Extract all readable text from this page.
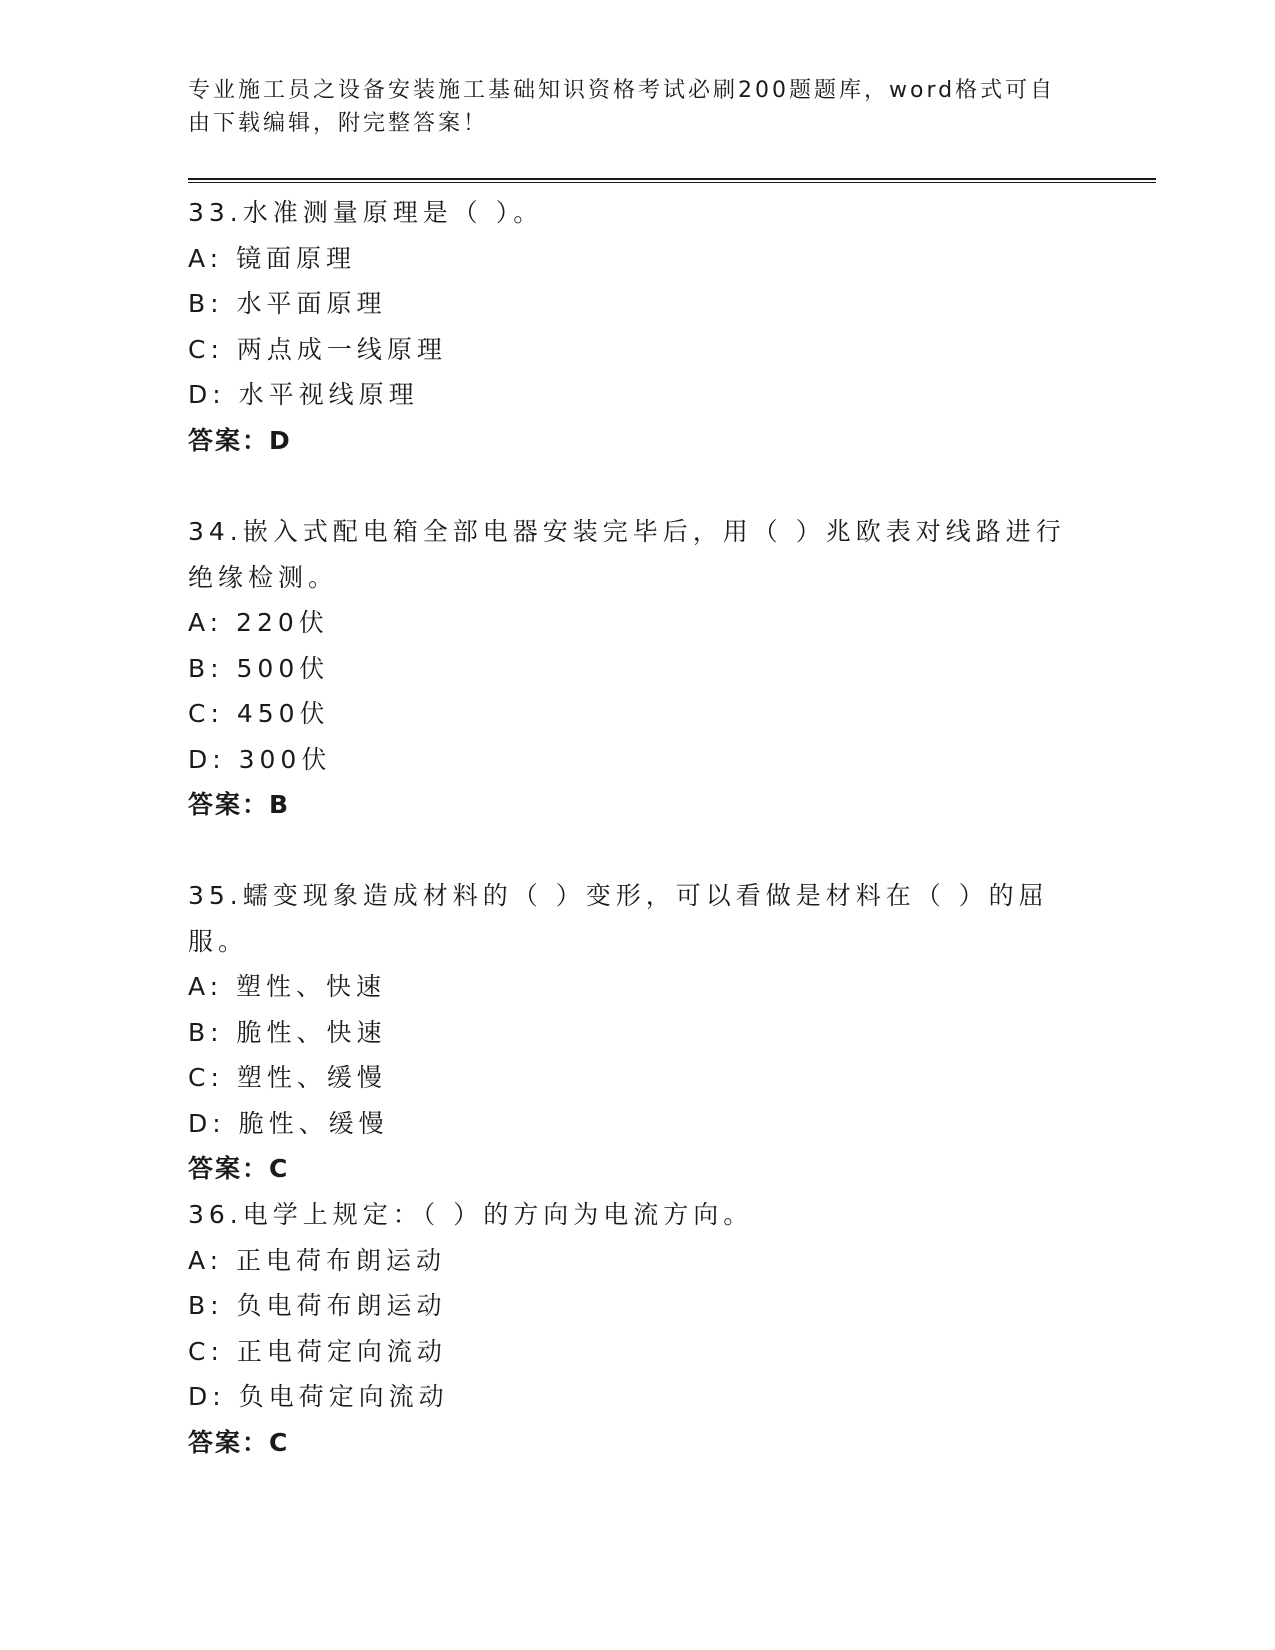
专业施工员之设备安装施工基础知识资格考试必刷200题题库，word格式可自由下载编辑，附完整答案！
33.水准测量原理是（ ）。
A: 镜面原理
B: 水平面原理
C: 两点成一线原理
D: 水平视线原理
答案：D
34.嵌入式配电箱全部电器安装完毕后，用（ ）兆欧表对线路进行绝缘检测。
A: 220伏
B: 500伏
C: 450伏
D: 300伏
答案：B
35.蠕变现象造成材料的（ ）变形，可以看做是材料在（ ）的屈服。
A: 塑性、快速
B: 脆性、快速
C: 塑性、缓慢
D: 脆性、缓慢
答案：C
36.电学上规定：（ ）的方向为电流方向。
A: 正电荷布朗运动
B: 负电荷布朗运动
C: 正电荷定向流动
D: 负电荷定向流动
答案：C
